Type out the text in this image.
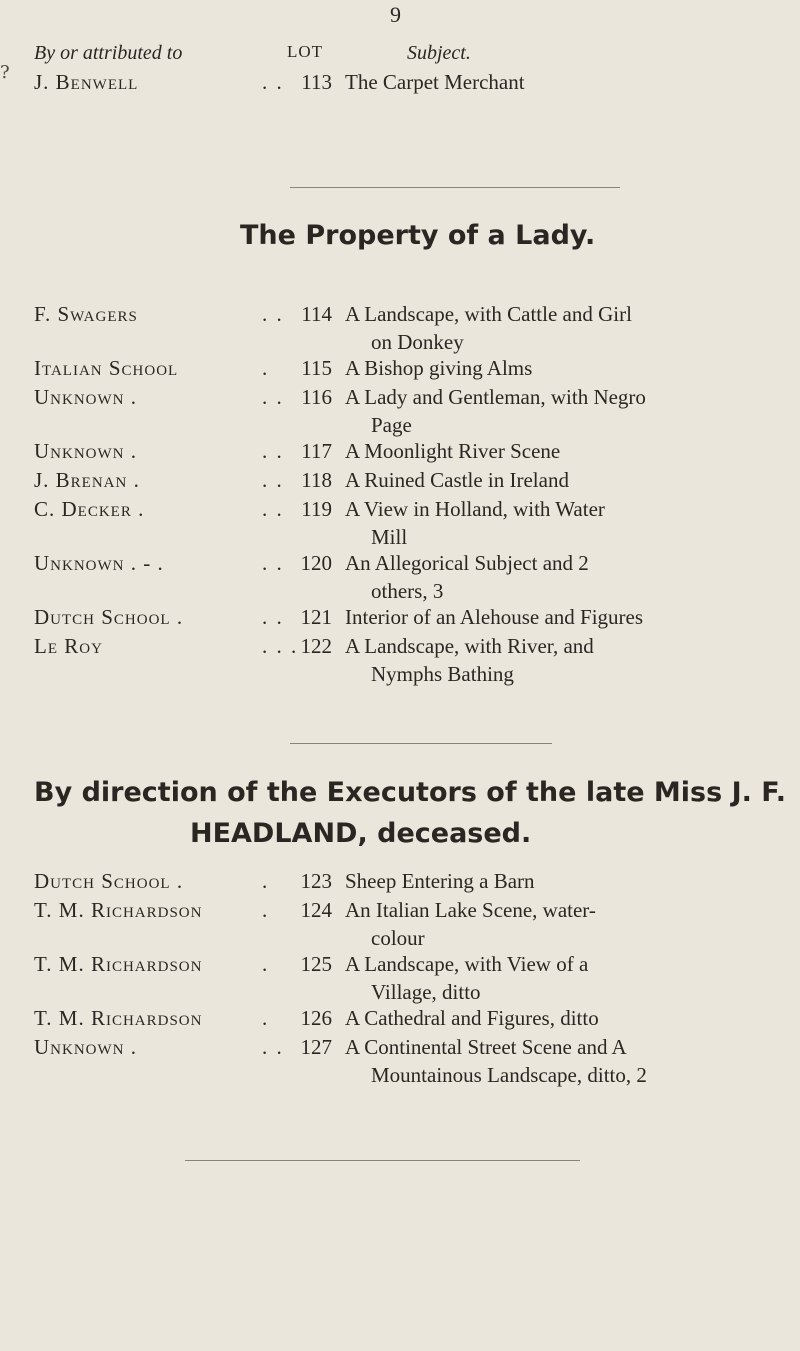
?
9
By or attributed to	LOT	Subject.
J. Benwell	. . 113 The Carpet Merchant
The Property of a Lady.
F. Swagers	. . 114 A Landscape, with Cattle and Girl
on Donkey
Italian School	.	115 A Bishop giving Alms
Unknown .	. . 116 A Lady and Gentleman, with Negro
Page
Unknown .	. . 117 A Moonlight River Scene
J. Brenan .	. . 118 A Ruined Castle in Ireland
C. Decker .	. . 119 A View in Holland, with Water
Mill
Unknown . - .	. . 120 An Allegorical Subject and 2
others, 3
Dutch School .	. . 121 Interior of an Alehouse and Figures
Le Roy	. . . 122 A Landscape, with River, and
Nymphs Bathing
By direction of the Executors of the late Miss J. F.
HEADLAND, deceased.
Dutch School .	.	123 Sheep Entering a Barn
T. M. Richardson	.	124 An Italian Lake Scene, water-
colour
T. M. Richardson	.	125 A Landscape, with View of a
Village, ditto
T. M. Richardson	.	126 A Cathedral and Figures, ditto
Unknown .	. . 127 A Continental Street Scene and A
Mountainous Landscape, ditto, 2
